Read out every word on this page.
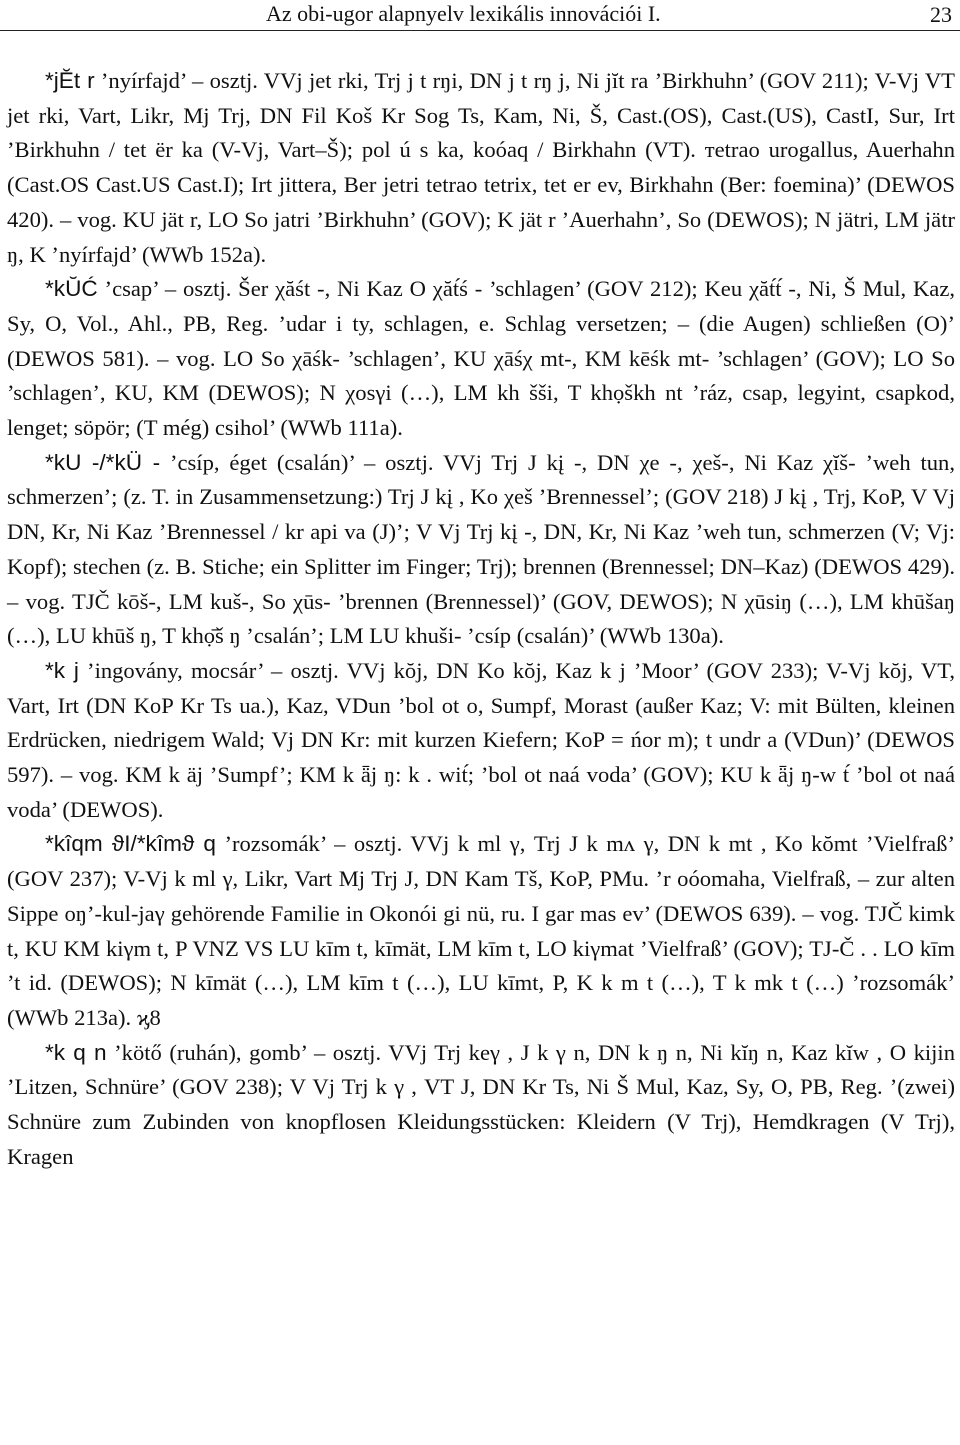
Az obi-ugor alapnyelv lexikális innovációi I.	23

*jĔt r ’nyírfajd’ – osztj. VVj jet rki, Trj j t rŋi, DN j t rŋ j, Ni jĭt ra ’Birkhuhn’ (GOV 211); V-Vj VT jet rki, Vart, Likr, Mj Trj, DN Fil Koš Kr Sog Ts, Kam, Ni, Š, Cast.(OS), Cast.(US), CastI, Sur, Irt ’Birkhuhn / tet ër ka (V-Vj, Vart–Š); pol ú s ka, koóaq / Birkhahn (VT). тetrao urogallus, Auerhahn (Cast.OS Cast.US Cast.I); Irt jittera, Ber jetri tetrao tetrix, tet er ev, Birkhahn (Ber: foemina)’ (DEWOS 420). – vog. KU jät r, LO So jatri ’Birkhuhn’ (GOV); K jät r ’Auerhahn’, So (DEWOS); N jätri, LM jätr ŋ, K ’nyírfajd’ (WWb 152a).

*kŬĆ ’csap’ – osztj. Šer χăśt -, Ni Kaz O χăt́ś - ’schlagen’ (GOV 212); Keu χăt́t́ -, Ni, Š Mul, Kaz, Sy, O, Vol., Ahl., PB, Reg. ’udar i ty, schlagen, e. Schlag versetzen; – (die Augen) schließen (O)’ (DEWOS 581). – vog. LO So χāśk- ’schlagen’, KU χāśχ mt-, KM kēśk mt- ’schlagen’ (GOV); LO So ’schlagen’, KU, KM (DEWOS); N χosγi (…), LM kh šši, T khọškh nt ’ráz, csap, legyint, csapkod, lenget; söpör; (T még) csihol’ (WWb 111a).

*kU -/*kÜ - ’csíp, éget (csalán)’ – osztj. VVj Trj J kį -, DN χe -, χeš-, Ni Kaz χĭš- ’weh tun, schmerzen’; (z. T. in Zusammensetzung:) Trj J kį , Ko χeš ’Brennessel’; (GOV 218) J kį , Trj, KoP, V Vj DN, Kr, Ni Kaz ’Brennessel / kr api va (J)’; V Vj Trj kį -, DN, Kr, Ni Kaz ’weh tun, schmerzen (V; Vj: Kopf); stechen (z. B. Stiche; ein Splitter im Finger; Trj); brennen (Brennessel; DN–Kaz) (DEWOS 429). – vog. TJČ kōš-, LM kuš-, So χūs- ’brennen (Brennessel)’ (GOV, DEWOS); N χūsiŋ (…), LM khūšaŋ (…), LU khūš ŋ, T khọ̄š ŋ ’csalán’; LM LU khuši- ’csíp (csalán)’ (WWb 130a).

*k j ’ingovány, mocsár’ – osztj. VVj kŏj, DN Ko kŏj, Kaz k j ’Moor’ (GOV 233); V-Vj kŏj, VT, Vart, Irt (DN KoP Kr Ts ua.), Kaz, VDun ’bol ot o, Sumpf, Morast (außer Kaz; V: mit Bülten, kleinen Erdrücken, niedrigem Wald; Vj DN Kr: mit kurzen Kiefern; KoP = ńor m); t undr a (VDun)’ (DEWOS 597). – vog. KM k äj ’Sumpf’; KM k ǟj ŋ: k . wit́; ’bol ot naá voda’ (GOV); KU k ǟj ŋ-w t́ ’bol ot naá voda’ (DEWOS).

*kîqm ϑI/*kîmϑ q ’rozsomák’ – osztj. VVj k ml γ, Trj J k mʌ γ, DN k mt , Ko kŏmt ’Vielfraß’ (GOV 237); V-Vj k ml γ, Likr, Vart Mj Trj J, DN Kam Tš, KoP, PMu. ’r oóomaha, Vielfraß, – zur alten Sippe oŋ’-kul-jaγ gehörende Familie in Okonói gi nü, ru. I gar mas ev’ (DEWOS 639). – vog. TJČ kimk t, KU KM kiγm t, P VNZ VS LU kīm t, kīmät, LM kīm t, LO kiγmat ’Vielfraß’ (GOV); TJ-Č . . LO kīm ’t id. (DEWOS); N kīmät (…), LM kīm t (…), LU kīmt, P, K k m t (…), T k mk t (…) ’rozsomák’ (WWb 213a). ϗ8

*k q n ’kötő (ruhán), gomb’ – osztj. VVj Trj keγ , J k γ n, DN k ŋ n, Ni kĭŋ n, Kaz kĭw , O kijin ’Litzen, Schnüre’ (GOV 238); V Vj Trj k γ , VT J, DN Kr Ts, Ni Š Mul, Kaz, Sy, O, PB, Reg. ’(zwei) Schnüre zum Zubinden von knopflosen Kleidungsstücken: Kleidern (V Trj), Hemdkragen (V Trj), Kragen
